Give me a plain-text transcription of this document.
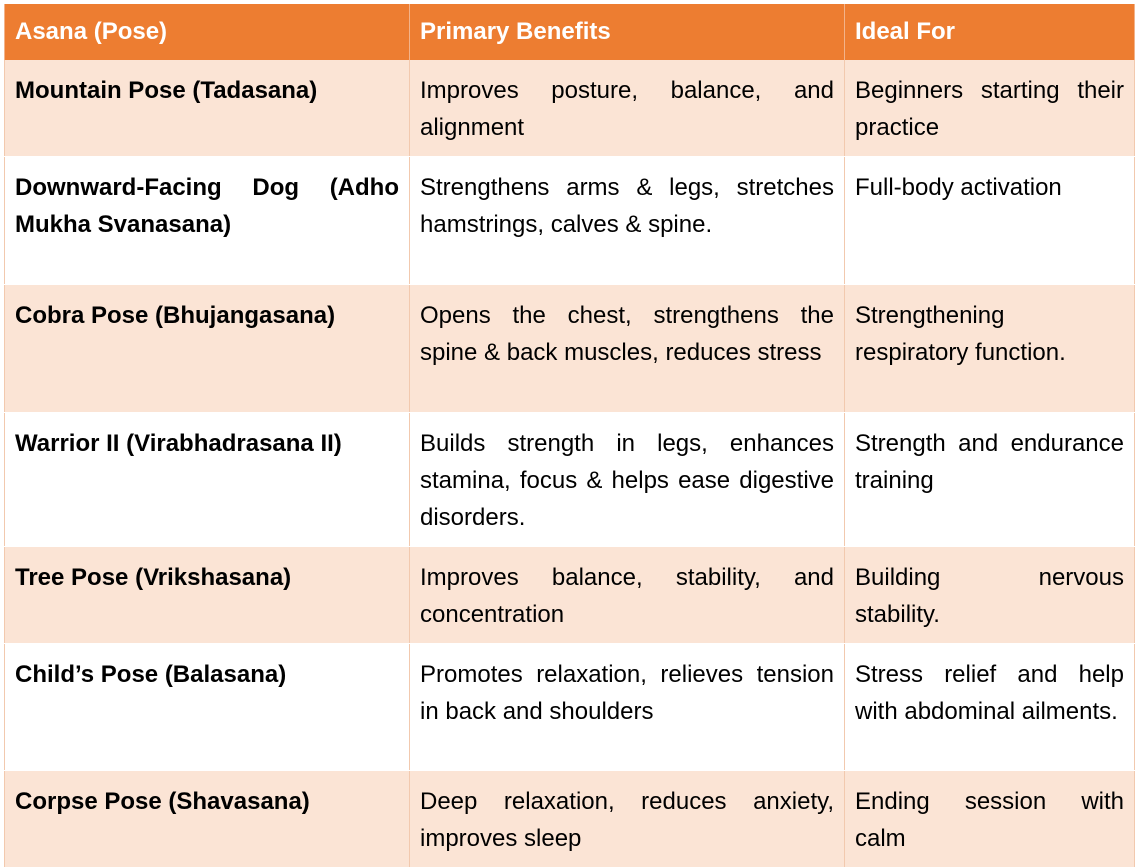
Asana (Pose)	Primary Benefits	Ideal For
Mountain Pose (Tadasana)	Improves posture, balance, and alignment	Beginners starting their practice
Downward-Facing Dog (Adho Mukha Svanasana)	Strengthens arms & legs, stretches hamstrings, calves & spine.	Full-body activation
Cobra Pose (Bhujangasana)	Opens the chest, strengthens the spine & back muscles, reduces stress	Strengthening respiratory function.
Warrior II (Virabhadrasana II)	Builds strength in legs, enhances stamina, focus & helps ease digestive disorders.	Strength and endurance training
Tree Pose (Vrikshasana)	Improves balance, stability, and concentration	Building nervous stability.
Child’s Pose (Balasana)	Promotes relaxation, relieves tension in back and shoulders	Stress relief and help with abdominal ailments.
Corpse Pose (Shavasana)	Deep relaxation, reduces anxiety, improves sleep	Ending session with calm
